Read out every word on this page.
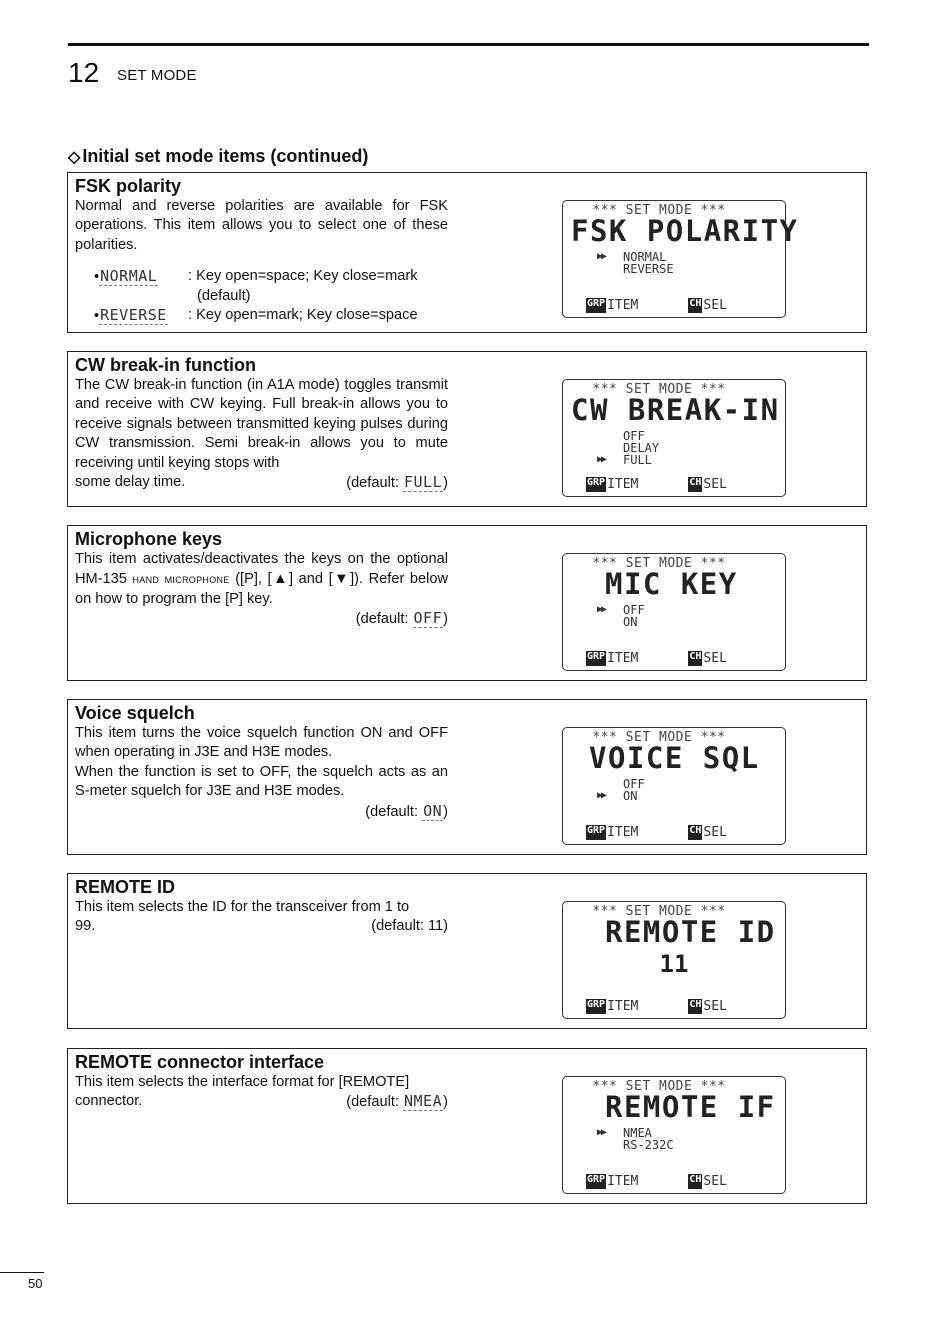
12 SET MODE
◇ Initial set mode items (continued)
FSK polarity
Normal and reverse polarities are available for FSK operations. This item allows you to select one of these polarities.
•NORMAL	: Key open=space; Key close=mark
(default)
•REVERSE	: Key open=mark; Key close=space
*** SET MODE ***
FSK POLARITY
▶▶	NORMAL
REVERSE
GRP ITEM	CH SEL
CW break-in function
The CW break-in function (in A1A mode) toggles transmit and receive with CW keying. Full break-in allows you to receive signals between transmitted keying pulses during CW transmission. Semi break-in allows you to mute receiving until keying stops with
some delay time.	(default: FULL)
*** SET MODE ***
CW BREAK-IN
OFF
DELAY
▶▶	FULL
GRP ITEM	CH SEL
Microphone keys
This item activates/deactivates the keys on the optional HM-135 hand microphone ([P], [▲] and [▼]). Refer below on how to program the [P] key.
(default: OFF)
*** SET MODE ***
MIC KEY
▶▶	OFF
ON
GRP ITEM	CH SEL
Voice squelch
This item turns the voice squelch function ON and OFF when operating in J3E and H3E modes.
When the function is set to OFF, the squelch acts as an S-meter squelch for J3E and H3E modes.
(default: ON)
*** SET MODE ***
VOICE SQL
OFF
▶▶	ON
GRP ITEM	CH SEL
REMOTE ID
This item selects the ID for the transceiver from 1 to
99.	(default: 11)
*** SET MODE ***
REMOTE ID
11
GRP ITEM	CH SEL
REMOTE connector interface
This item selects the interface format for [REMOTE]
connector.	(default: NMEA)
*** SET MODE ***
REMOTE IF
▶▶	NMEA
RS-232C
GRP ITEM	CH SEL
50
